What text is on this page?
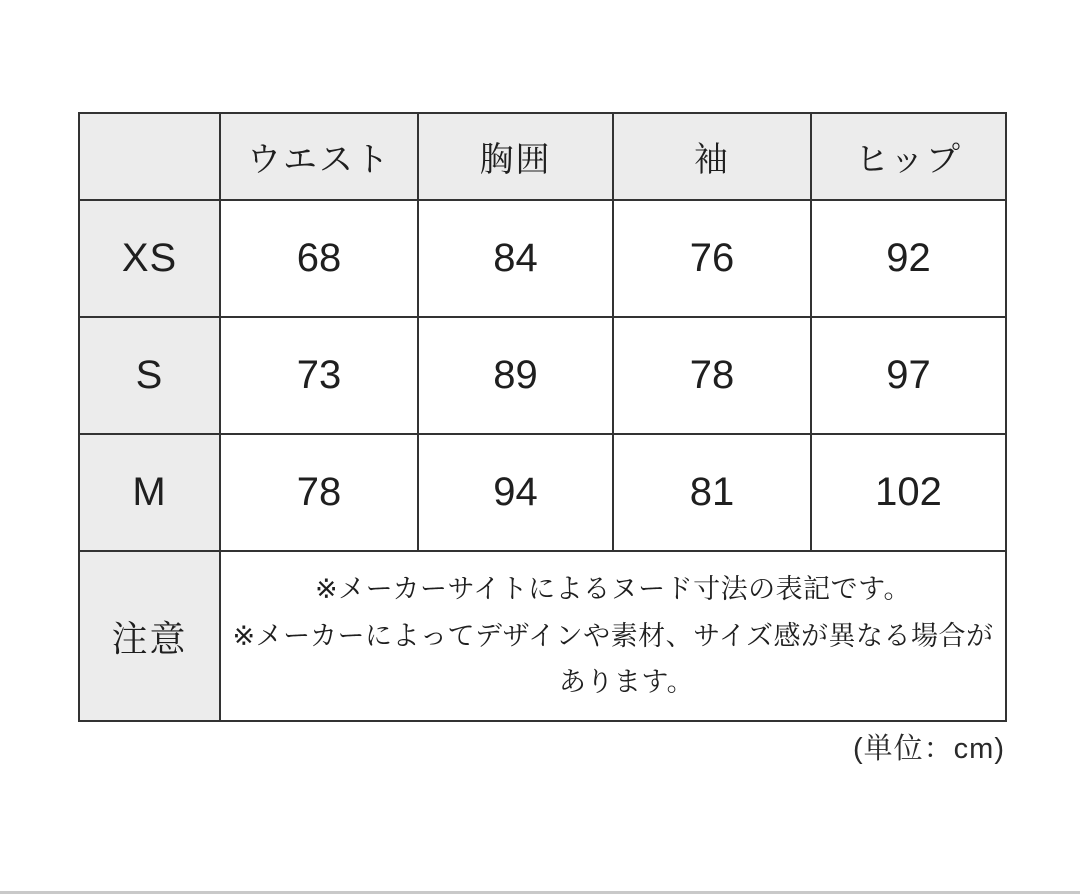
	ウエスト	胸囲	袖	ヒップ
XS	68	84	76	92
S	73	89	78	97
M	78	94	81	102
注意	※メーカーサイトによるヌード寸法の表記です。

※メーカーによってデザインや素材、サイズ感が異なる場合があります。			

(単位：cm)
